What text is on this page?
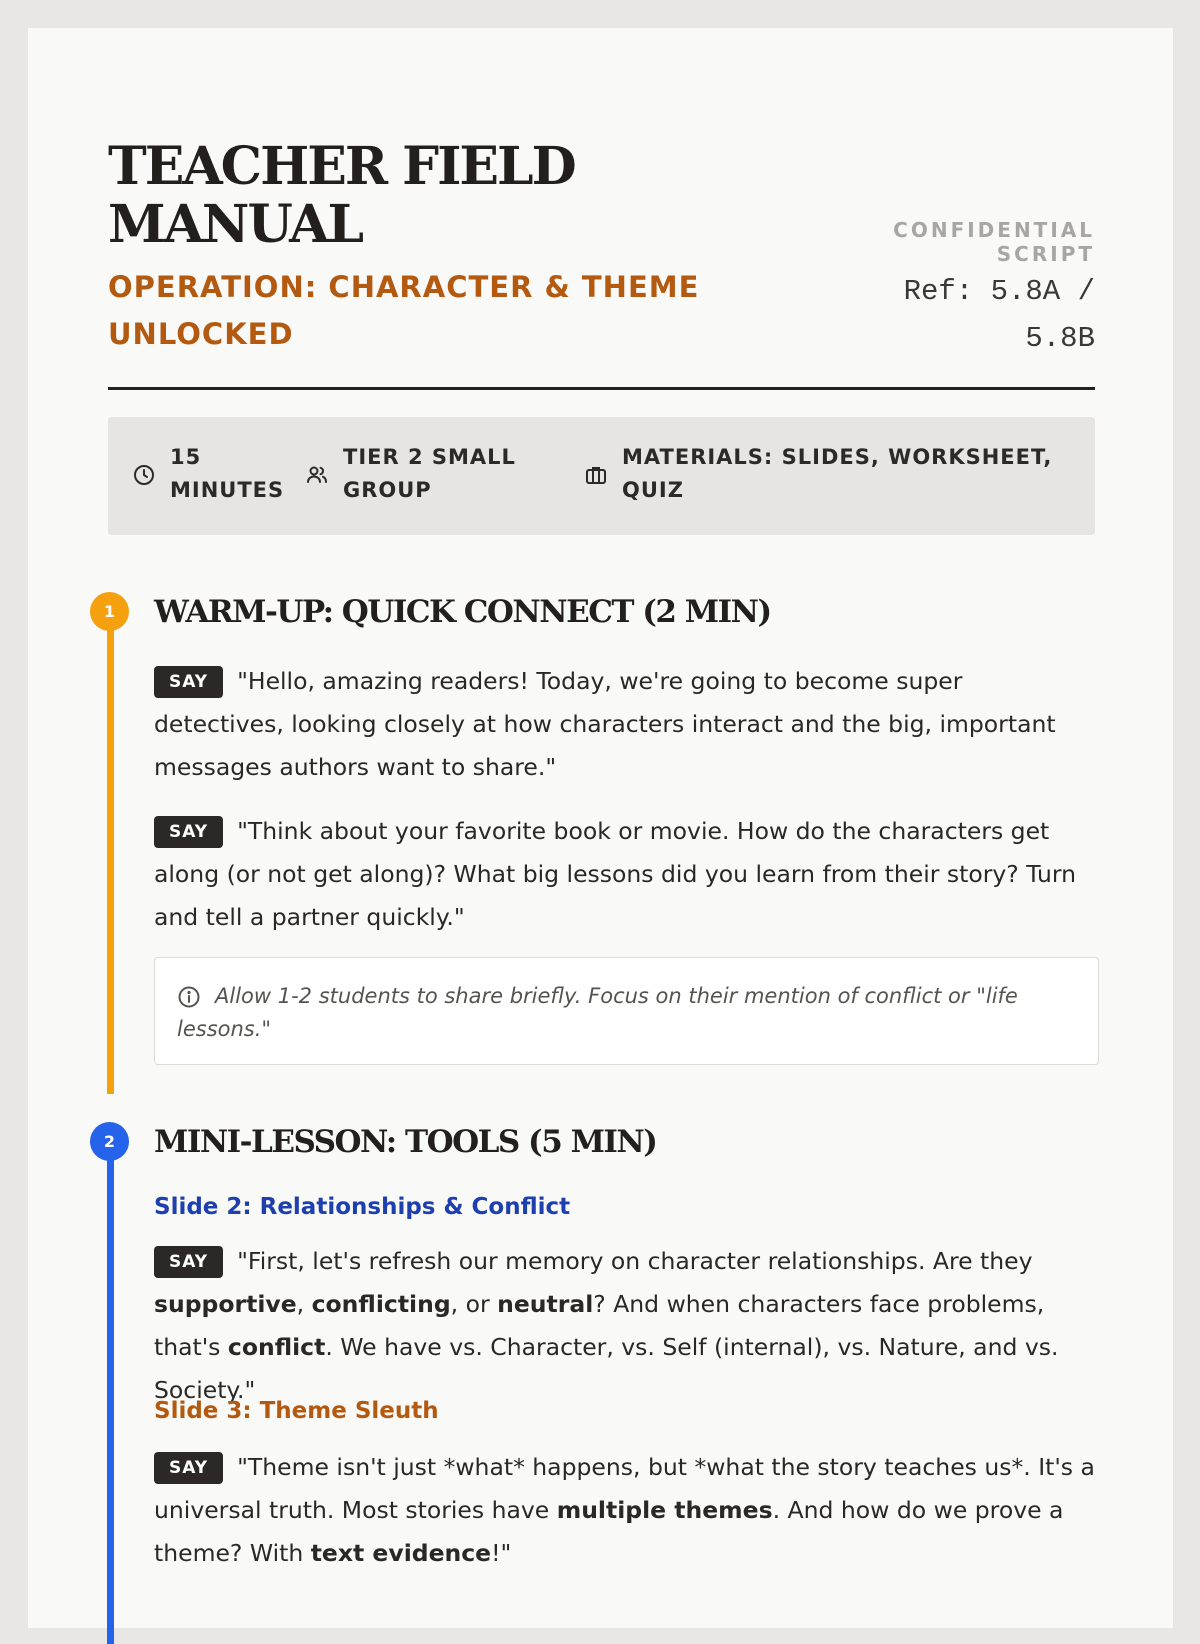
TEACHER FIELD
MANUAL
OPERATION: CHARACTER & THEME UNLOCKED
CONFIDENTIAL SCRIPT
Ref: 5.8A / 5.8B
15 MINUTES
TIER 2 SMALL GROUP
MATERIALS: SLIDES, WORKSHEET, QUIZ
1	WARM-UP: QUICK CONNECT (2 MIN)
SAY "Hello, amazing readers! Today, we're going to become super detectives, looking closely at how characters interact and the big, important messages authors want to share."
SAY "Think about your favorite book or movie. How do the characters get along (or not get along)? What big lessons did you learn from their story? Turn and tell a partner quickly."
Allow 1-2 students to share briefly. Focus on their mention of conflict or "life lessons."
2	MINI-LESSON: TOOLS (5 MIN)
Slide 2: Relationships & Conflict
SAY "First, let's refresh our memory on character relationships. Are they supportive, conflicting, or neutral? And when characters face problems, that's conflict. We have vs. Character, vs. Self (internal), vs. Nature, and vs. Society."
Slide 3: Theme Sleuth
SAY "Theme isn't just *what* happens, but *what the story teaches us*. It's a universal truth. Most stories have multiple themes. And how do we prove a theme? With text evidence!"
